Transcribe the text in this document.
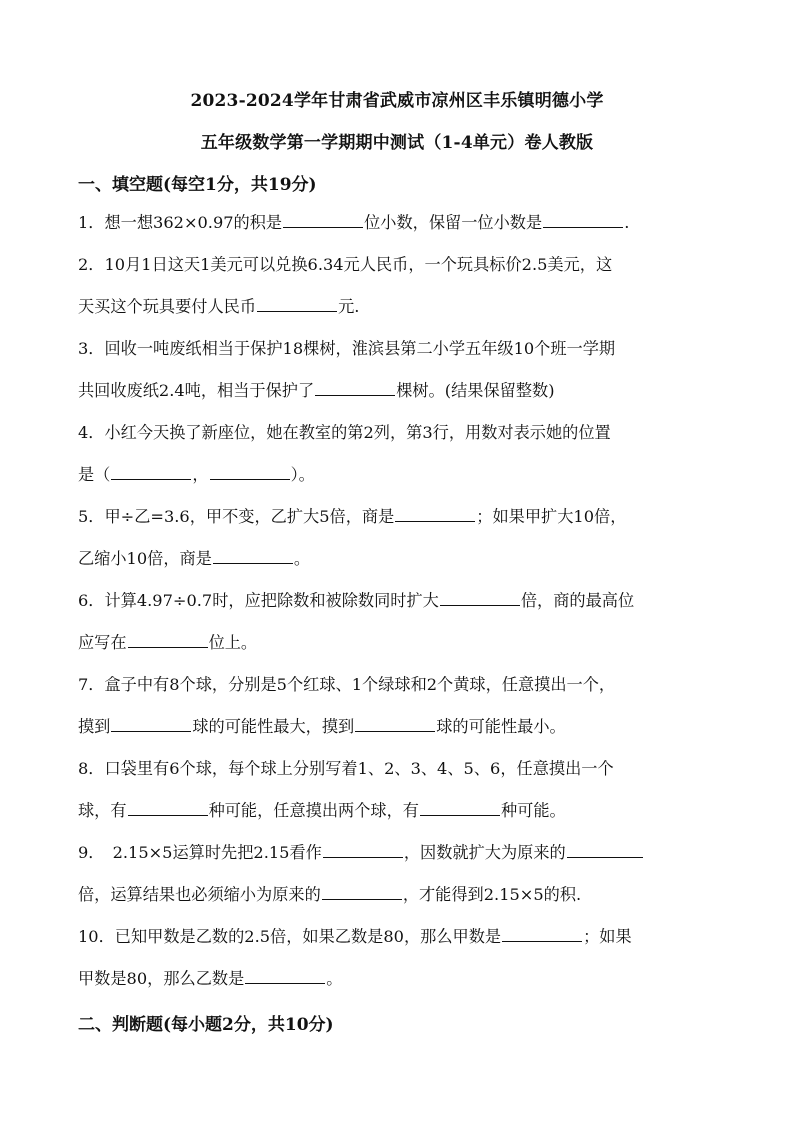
2023-2024学年甘肃省武威市凉州区丰乐镇明德小学
五年级数学第一学期期中测试（1-4单元）卷人教版
一、填空题(每空1分，共19分)
1．想一想362×0.97的积是	位小数，保留一位小数是	.
2．10月1日这天1美元可以兑换6.34元人民币，一个玩具标价2.5美元，这
天买这个玩具要付人民币	元.
3．回收一吨废纸相当于保护18棵树，淮滨县第二小学五年级10个班一学期
共回收废纸2.4吨，相当于保护了	棵树。(结果保留整数)
4．小红今天换了新座位，她在教室的第2列，第3行，用数对表示她的位置
是（	，	）。
5．甲÷乙=3.6，甲不变，乙扩大5倍，商是	；如果甲扩大10倍，
乙缩小10倍，商是	。
6．计算4.97÷0.7时，应把除数和被除数同时扩大	倍，商的最高位
应写在	位上。
7．盒子中有8个球，分别是5个红球、1个绿球和2个黄球，任意摸出一个，
摸到	球的可能性最大，摸到	球的可能性最小。
8．口袋里有6个球，每个球上分别写着1、2、3、4、5、6，任意摸出一个
球，有	种可能，任意摸出两个球，有	种可能。
9．　2.15×5运算时先把2.15看作	，因数就扩大为原来的
倍，运算结果也必须缩小为原来的	，才能得到2.15×5的积.
10．已知甲数是乙数的2.5倍，如果乙数是80，那么甲数是	；如果
甲数是80，那么乙数是	。
二、判断题(每小题2分，共10分)
